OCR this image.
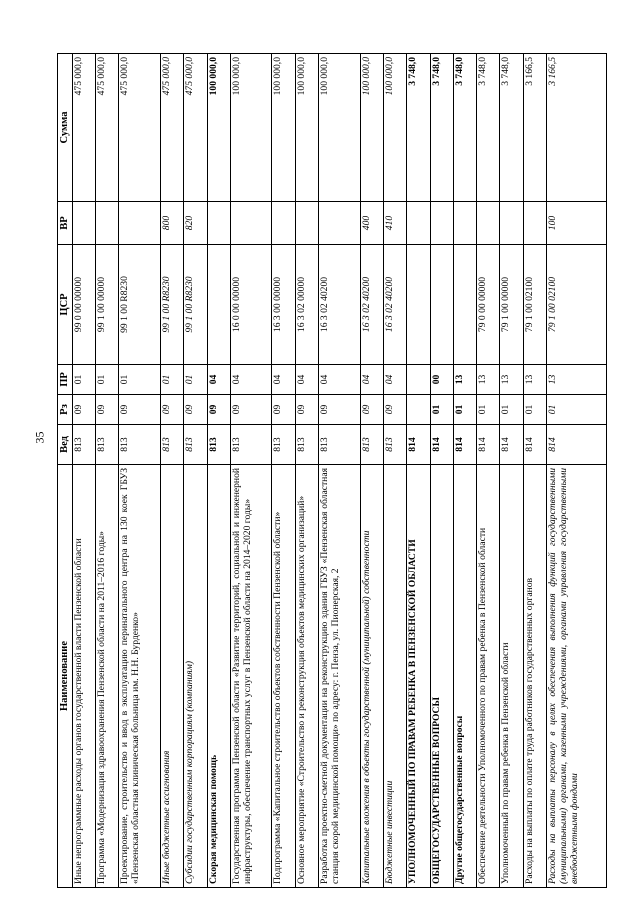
35
Наименование	Вед	Рз	ПР	ЦСР	ВР	Сумма
Иные непрограммные расходы органов государственной власти Пензенской области	813	09	01	99 0 00 00000		475 000,0
Программа «Модернизация здравоохранения Пензенской области на 2011–2016 годы»	813	09	01	99 1 00 00000		475 000,0
Проектирование, строительство и ввод в эксплуатацию перинатального центра на 130 коек ГБУЗ «Пензенская областная клиническая больница им. Н.Н. Бурденко»	813	09	01	99 1 00 R8230		475 000,0
Иные бюджетные ассигнования	813	09	01	99 1 00 R8230	800	475 000,0
Субсидии государственным корпорациям (компаниям)	813	09	01	99 1 00 R8230	820	475 000,0
Скорая медицинская помощь	813	09	04			100 000,0
Государственная программа Пензенской области «Развитие территорий, социальной и инженерной инфраструктуры, обеспечение транспортных услуг в Пензенской области на 2014–2020 годы»	813	09	04	16 0 00 00000		100 000,0
Подпрограмма «Капитальное строительство объектов собственности Пензенской области»	813	09	04	16 3 00 00000		100 000,0
Основное мероприятие «Строительство и реконструкция объектов медицинских организаций»	813	09	04	16 3 02 00000		100 000,0
Разработка проектно-сметной документации на реконструкцию здания ГБУЗ «Пензенская областная станция скорой медицинской помощи» по адресу: г. Пенза, ул. Пионерская, 2	813	09	04	16 3 02 40200		100 000,0
Капитальные вложения в объекты государственной (муниципальной) собственности	813	09	04	16 3 02 40200	400	100 000,0
Бюджетные инвестиции	813	09	04	16 3 02 40200	410	100 000,0
УПОЛНОМОЧЕННЫЙ ПО ПРАВАМ РЕБЕНКА В ПЕНЗЕНСКОЙ ОБЛАСТИ	814					3 748,0
ОБЩЕГОСУДАРСТВЕННЫЕ ВОПРОСЫ	814	01	00			3 748,0
Другие общегосударственные вопросы	814	01	13			3 748,0
Обеспечение деятельности Уполномоченного по правам ребенка в Пензенской области	814	01	13	79 0 00 00000		3 748,0
Уполномоченный по правам ребенка в Пензенской области	814	01	13	79 1 00 00000		3 748,0
Расходы на выплаты по оплате труда работников государственных органов	814	01	13	79 1 00 02100		3 166,5
Расходы на выплаты персоналу в целях обеспечения выполнения функций государственными (муниципальными) органами, казенными учреждениями, органами управления государственными внебюджетными фондами	814	01	13	79 1 00 02100	100	3 166,5
